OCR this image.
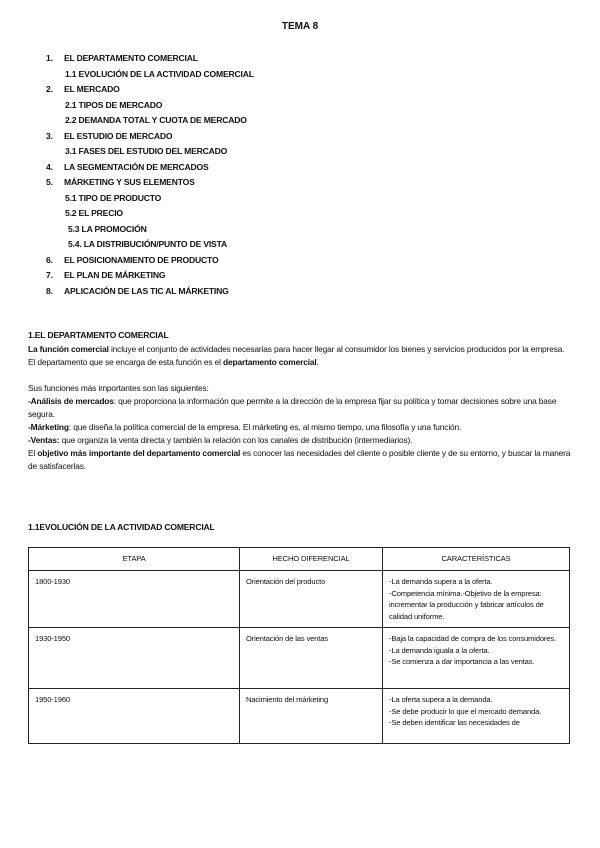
TEMA 8
1. EL DEPARTAMENTO COMERCIAL
1.1 EVOLUCIÓN DE LA ACTIVIDAD COMERCIAL
2. EL MERCADO
2.1 TIPOS DE MERCADO
2.2 DEMANDA TOTAL Y CUOTA DE MERCADO
3. EL ESTUDIO DE MERCADO
3.1 FASES DEL ESTUDIO DEL MERCADO
4. LA SEGMENTACIÓN DE MERCADOS
5. MÁRKETING Y SUS ELEMENTOS
5.1 TIPO DE PRODUCTO
5.2 EL PRECIO
5.3 LA PROMOCIÓN
5.4. LA DISTRIBUCIÓN/PUNTO DE VISTA
6. EL POSICIONAMIENTO DE PRODUCTO
7. EL PLAN DE MÁRKETING
8. APLICACIÓN DE LAS TIC AL MÁRKETING
1.EL DEPARTAMENTO COMERCIAL

La función comercial incluye el conjunto de actividades necesarias para hacer llegar al consumidor los bienes y servicios producidos por la empresa.

El departamento que se encarga de esta función es el departamento comercial.

Sus funciones más importantes son las siguientes:

-Análisis de mercados: que proporciona la información que permite a la dirección de la empresa fijar su política y tomar decisiones sobre una base segura.

-Márketing: que diseña la política comercial de la empresa. El márketing es, al mismo tiempo, una filosofía y una función.

-Ventas: que organiza la venta directa y también la relación con los canales de distribución (intermediarios).

El objetivo más importante del departamento comercial es conocer las necesidades del cliente o posible cliente y de su entorno, y buscar la manera de satisfacerlas.

1.1EVOLUCIÓN DE LA ACTIVIDAD COMERCIAL
ETAPA	HECHO DIFERENCIAL	CARACTERÍSTICAS
1800-1930	Orientación del producto	-La demanda supera a la oferta.
-Competencia mínima.-Objetivo de la empresa: incrementar la producción y fabricar artículos de calidad uniforme.

1930-1950	Orientación de las ventas	-Baja la capacidad de compra de los consumidores.
-La demanda iguala a la oferta.
-Se comienza a dar importancia a las ventas.

1950-1960	Nacimiento del márketing	-La oferta supera a la demanda.
-Se debe producir lo que el mercado demanda.
-Se deben identificar las necesidades de
